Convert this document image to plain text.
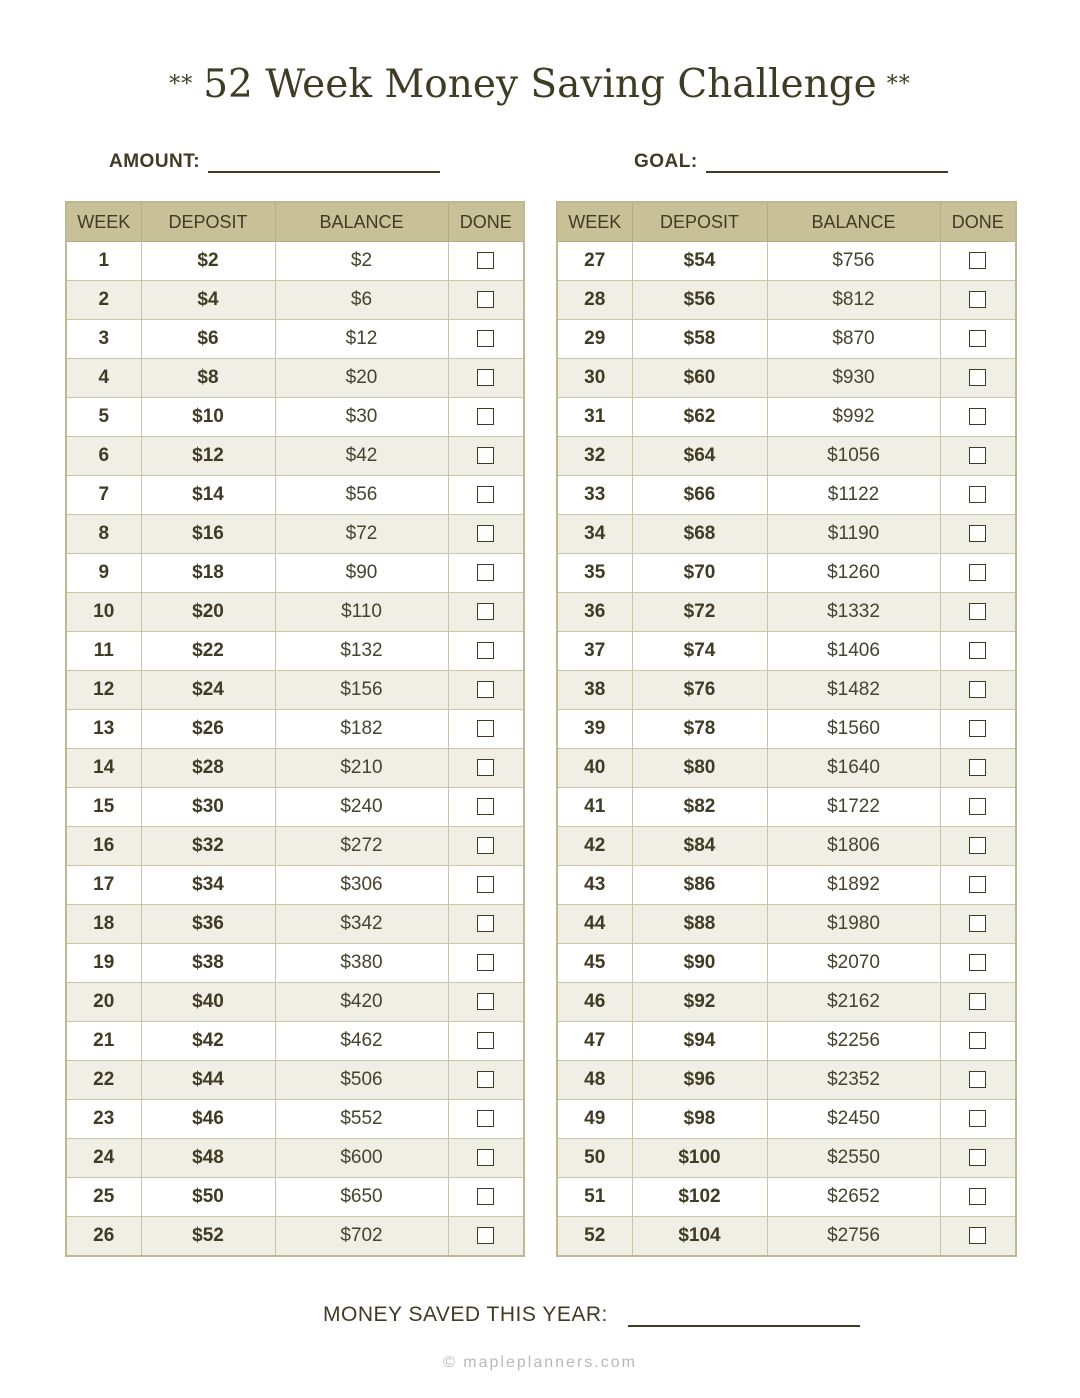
** 52 Week Money Saving Challenge **
AMOUNT:	GOAL:
WEEK	DEPOSIT	BALANCE	DONE
1	$2	$2	
2	$4	$6	
3	$6	$12	
4	$8	$20	
5	$10	$30	
6	$12	$42	
7	$14	$56	
8	$16	$72	
9	$18	$90	
10	$20	$110	
11	$22	$132	
12	$24	$156	
13	$26	$182	
14	$28	$210	
15	$30	$240	
16	$32	$272	
17	$34	$306	
18	$36	$342	
19	$38	$380	
20	$40	$420	
21	$42	$462	
22	$44	$506	
23	$46	$552	
24	$48	$600	
25	$50	$650	
26	$52	$702	
WEEK	DEPOSIT	BALANCE	DONE
27	$54	$756	
28	$56	$812	
29	$58	$870	
30	$60	$930	
31	$62	$992	
32	$64	$1056	
33	$66	$1122	
34	$68	$1190	
35	$70	$1260	
36	$72	$1332	
37	$74	$1406	
38	$76	$1482	
39	$78	$1560	
40	$80	$1640	
41	$82	$1722	
42	$84	$1806	
43	$86	$1892	
44	$88	$1980	
45	$90	$2070	
46	$92	$2162	
47	$94	$2256	
48	$96	$2352	
49	$98	$2450	
50	$100	$2550	
51	$102	$2652	
52	$104	$2756	
MONEY SAVED THIS YEAR:
© mapleplanners.com
